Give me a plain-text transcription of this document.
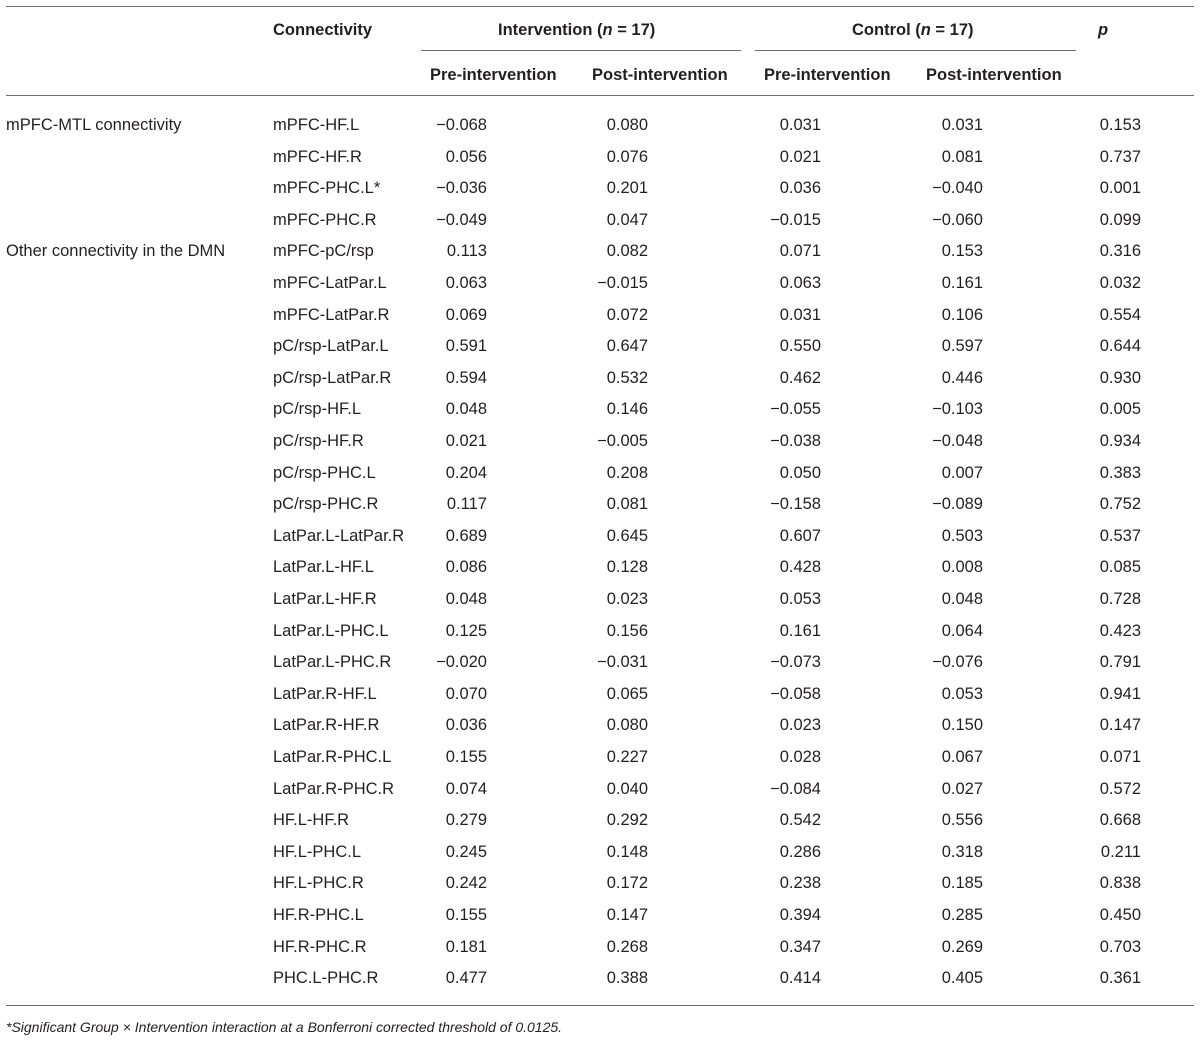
Connectivity	Intervention (n = 17)	Control (n = 17)	p
Pre-intervention Post-intervention Pre-intervention Post-intervention
mPFC-MTL connectivity	mPFC-HF.L	−0.068	0.080	0.031	0.031	0.153
mPFC-HF.R	0.056	0.076	0.021	0.081	0.737
mPFC-PHC.L*	−0.036	0.201	0.036	−0.040	0.001
mPFC-PHC.R	−0.049	0.047	−0.015	−0.060	0.099
Other connectivity in the DMN	mPFC-pC/rsp	0.113	0.082	0.071	0.153	0.316
mPFC-LatPar.L	0.063	−0.015	0.063	0.161	0.032
mPFC-LatPar.R	0.069	0.072	0.031	0.106	0.554
pC/rsp-LatPar.L	0.591	0.647	0.550	0.597	0.644
pC/rsp-LatPar.R	0.594	0.532	0.462	0.446	0.930
pC/rsp-HF.L	0.048	0.146	−0.055	−0.103	0.005
pC/rsp-HF.R	0.021	−0.005	−0.038	−0.048	0.934
pC/rsp-PHC.L	0.204	0.208	0.050	0.007	0.383
pC/rsp-PHC.R	0.117	0.081	−0.158	−0.089	0.752
LatPar.L-LatPar.R	0.689	0.645	0.607	0.503	0.537
LatPar.L-HF.L	0.086	0.128	0.428	0.008	0.085
LatPar.L-HF.R	0.048	0.023	0.053	0.048	0.728
LatPar.L-PHC.L	0.125	0.156	0.161	0.064	0.423
LatPar.L-PHC.R	−0.020	−0.031	−0.073	−0.076	0.791
LatPar.R-HF.L	0.070	0.065	−0.058	0.053	0.941
LatPar.R-HF.R	0.036	0.080	0.023	0.150	0.147
LatPar.R-PHC.L	0.155	0.227	0.028	0.067	0.071
LatPar.R-PHC.R	0.074	0.040	−0.084	0.027	0.572
HF.L-HF.R	0.279	0.292	0.542	0.556	0.668
HF.L-PHC.L	0.245	0.148	0.286	0.318	0.211
HF.L-PHC.R	0.242	0.172	0.238	0.185	0.838
HF.R-PHC.L	0.155	0.147	0.394	0.285	0.450
HF.R-PHC.R	0.181	0.268	0.347	0.269	0.703
PHC.L-PHC.R	0.477	0.388	0.414	0.405	0.361
*Significant Group × Intervention interaction at a Bonferroni corrected threshold of 0.0125.
